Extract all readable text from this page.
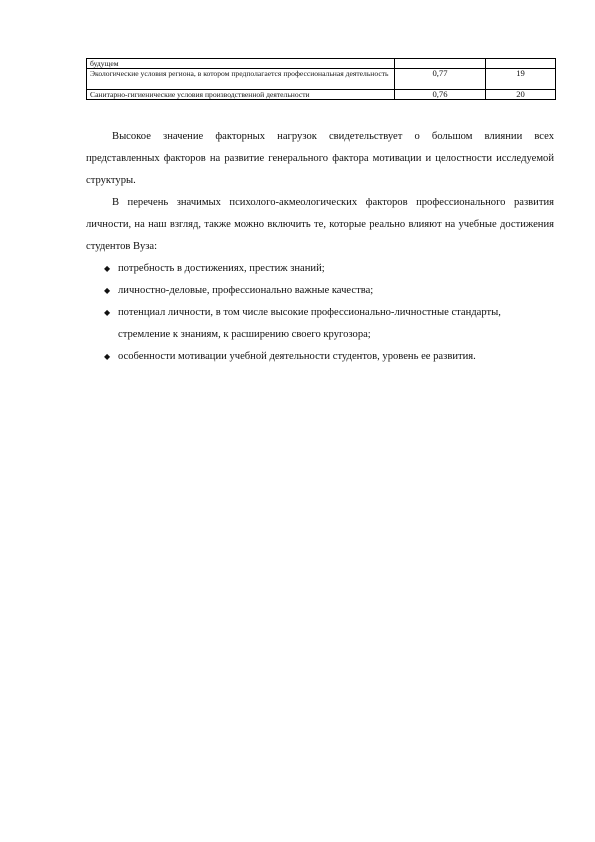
будущем		
Экологические условия региона, в котором предполагается профессиональная деятельность	0,77	19
Санитарно-гигиенические условия производственной деятельности	0,76	20

Высокое значение факторных нагрузок свидетельствует о большом влиянии всех представленных факторов на развитие генерального фактора мотивации и целостности исследуемой структуры.

В перечень значимых психолого-акмеологических факторов профессионального развития личности, на наш взгляд, также можно включить те, которые реально влияют на учебные достижения студентов Вуза:

◆ потребность в достижениях, престиж знаний;
◆ личностно-деловые, профессионально важные качества;
◆ потенциал личности, в том числе высокие профессионально-личностные стандарты, стремление к знаниям, к расширению своего кругозора;
◆ особенности мотивации учебной деятельности студентов, уровень ее развития.
